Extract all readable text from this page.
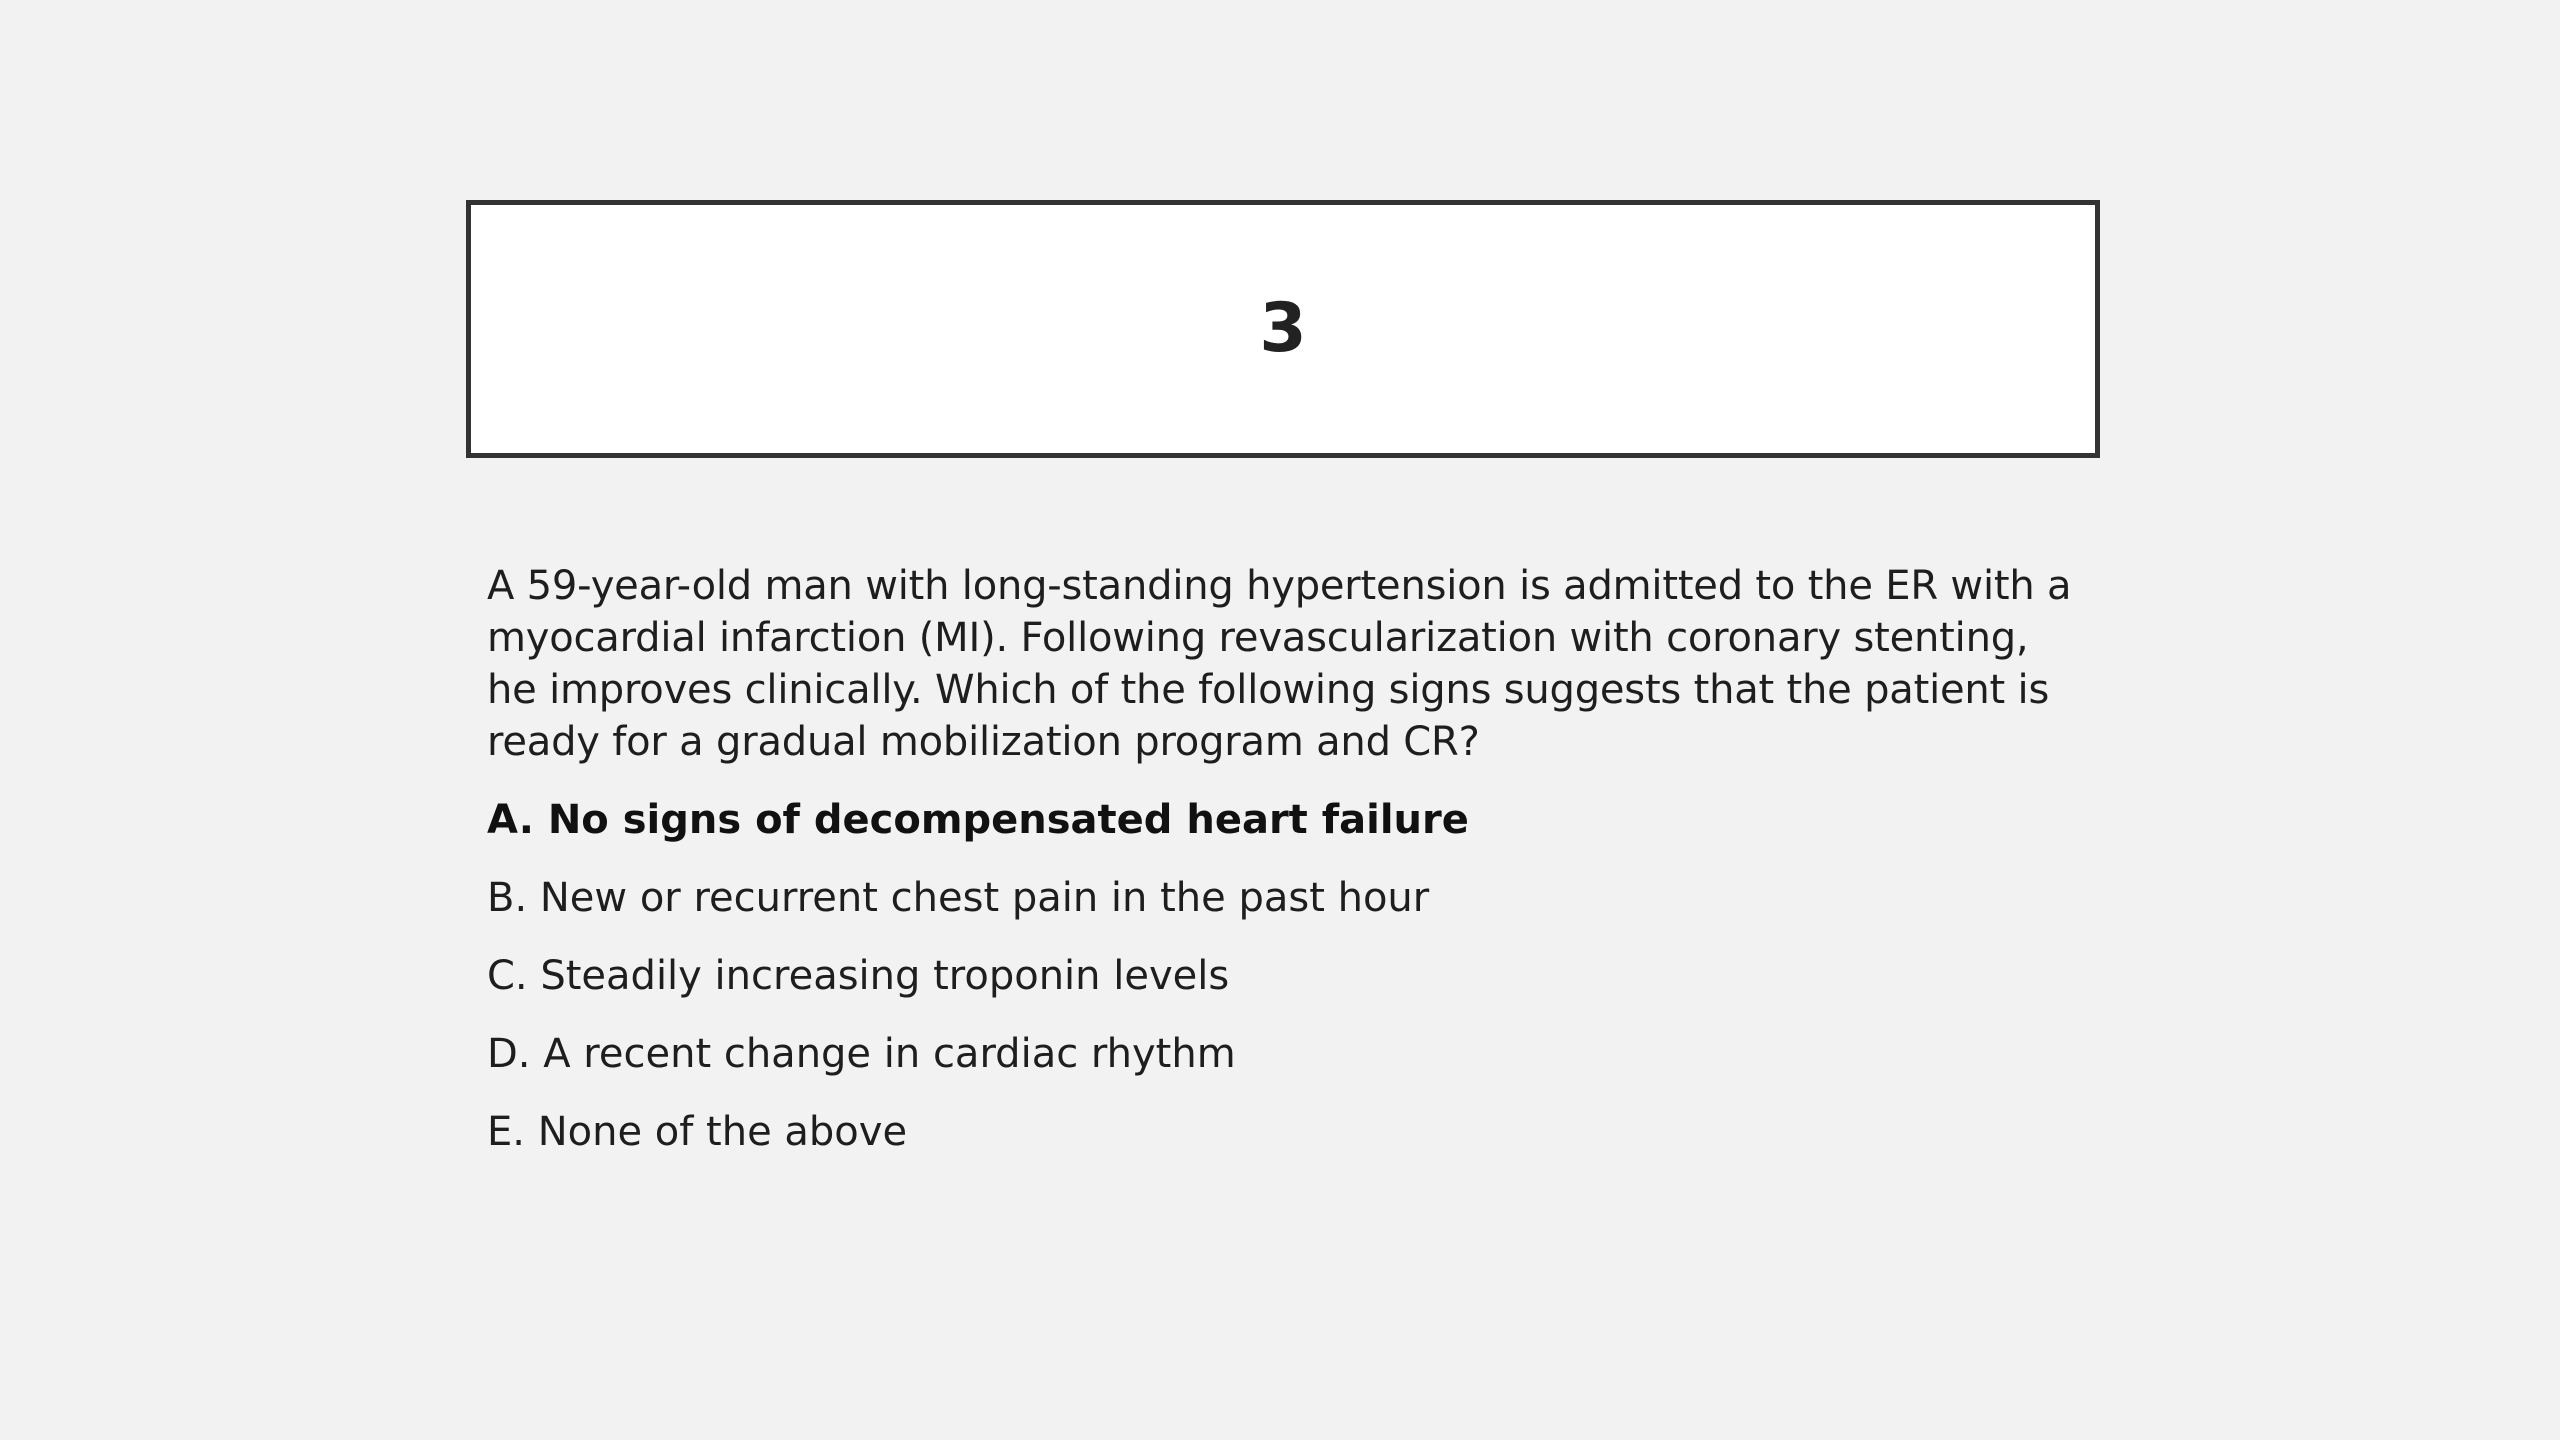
3

A 59-year-old man with long-standing hypertension is admitted to the ER with a myocardial infarction (MI). Following revascularization with coronary stenting, he improves clinically. Which of the following signs suggests that the patient is ready for a gradual mobilization program and CR?

A. No signs of decompensated heart failure
B. New or recurrent chest pain in the past hour
C. Steadily increasing troponin levels
D. A recent change in cardiac rhythm
E. None of the above
